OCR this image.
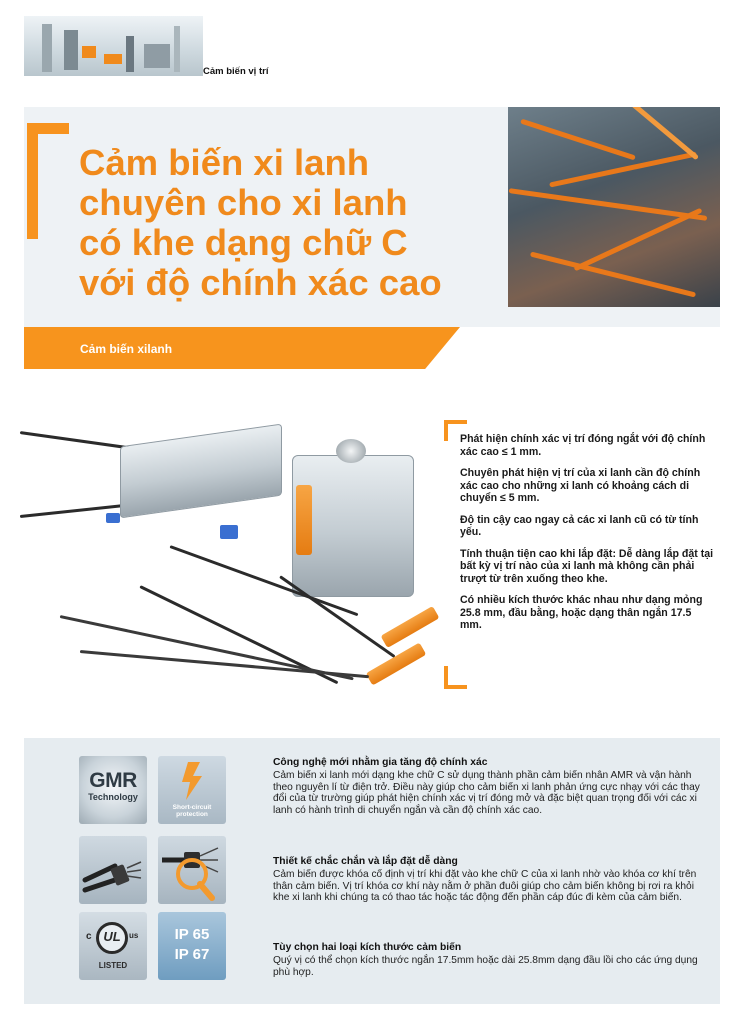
Cảm biến vị trí
Cảm biến xi lanh
chuyên cho xi lanh
có khe dạng chữ C
với độ chính xác cao
Cảm biến xilanh
Phát hiện chính xác vị trí đóng ngắt với độ chính xác cao ≤ 1 mm.
Chuyên phát hiện vị trí của xi lanh cần độ chính xác cao cho những xi lanh có khoảng cách di chuyển ≤ 5 mm.
Độ tin cậy cao ngay cả các xi lanh cũ có từ tính yếu.
Tính thuận tiện cao khi lắp đặt: Dễ dàng lắp đặt tại bất kỳ vị trí nào của xi lanh mà không cần phải trượt từ trên xuống theo khe.
Có nhiều kích thước khác nhau như dạng mỏng 25.8 mm, đầu bằng, hoặc dạng thân ngắn 17.5 mm.
GMR
Technology
Short-circuit protection
c UL	us
LISTED
IP 65
IP 67
Công nghệ mới nhằm gia tăng độ chính xác

Cảm biến xi lanh mới dạng khe chữ C sử dụng thành phần cảm biến nhân AMR và vận hành theo nguyên lí từ điện trở. Điều này giúp cho cảm biến xi lanh phản ứng cực nhạy với các thay đổi của từ trường giúp phát hiện chính xác vị trí đóng mở và đặc biệt quan trọng đối với các xi lanh có hành trình di chuyển ngắn và cần độ chính xác cao.

Thiết kế chắc chắn và lắp đặt dễ dàng

Cảm biến được khóa cố định vị trí khi đặt vào khe chữ C của xi lanh nhờ vào khóa cơ khí trên thân cảm biến. Vị trí khóa cơ khí này nằm ở phần đuôi giúp cho cảm biến không bị rơi ra khỏi khe xi lanh khi chúng ta có thao tác hoặc tác động đến phần cáp đúc đi kèm của cảm biến.

Tùy chọn hai loại kích thước cảm biến

Quý vị có thể chọn kích thước ngắn 17.5mm hoặc dài 25.8mm dạng đầu lồi cho các ứng dụng phù hợp.
